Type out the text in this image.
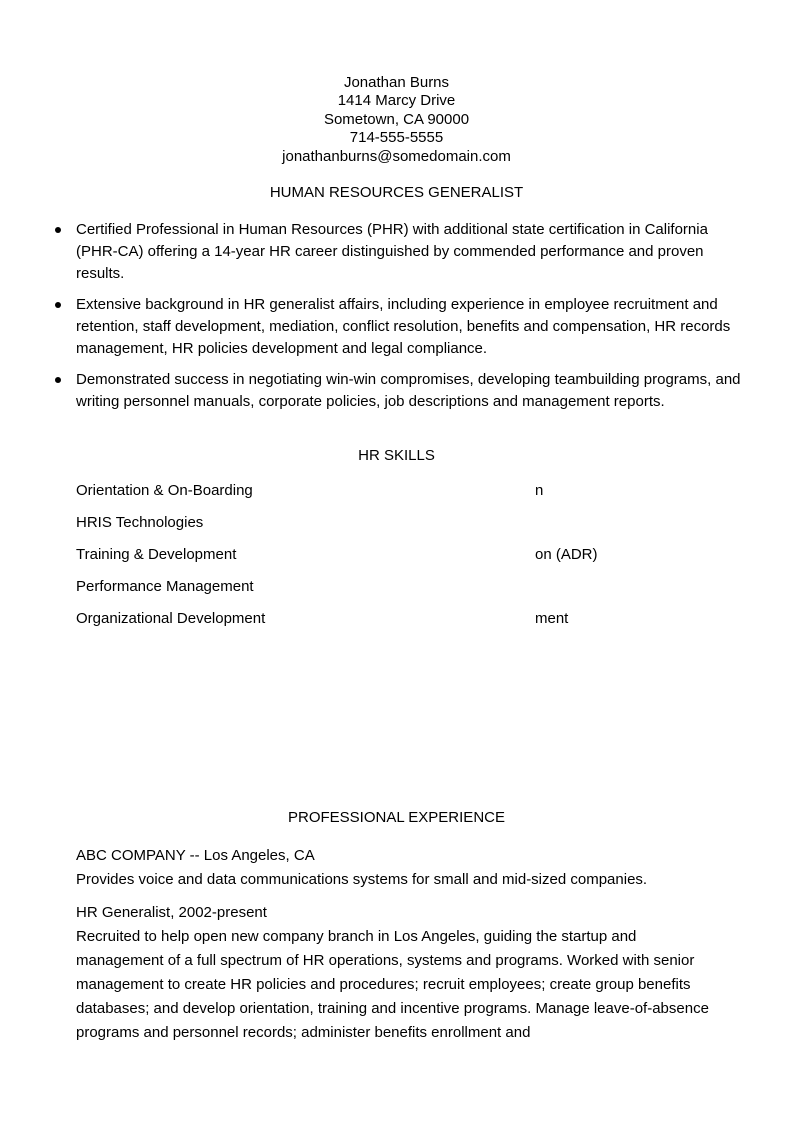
Jonathan Burns
1414 Marcy Drive
Sometown, CA 90000
714-555-5555
jonathanburns@somedomain.com
HUMAN RESOURCES GENERALIST
Certified Professional in Human Resources (PHR) with additional state certification in California (PHR-CA) offering a 14-year HR career distinguished by commended performance and proven results.
Extensive background in HR generalist affairs, including experience in employee recruitment and retention, staff development, mediation, conflict resolution, benefits and compensation, HR records management, HR policies development and legal compliance.
Demonstrated success in negotiating win-win compromises, developing teambuilding programs, and writing personnel manuals, corporate policies, job descriptions and management reports.
HR SKILLS
Orientation & On-Boarding
HRIS Technologies
Training & Development
Performance Management
Organizational Development
n
on (ADR)
ment
PROFESSIONAL EXPERIENCE
ABC COMPANY -- Los Angeles, CA
Provides voice and data communications systems for small and mid-sized companies.
HR Generalist, 2002-present
Recruited to help open new company branch in Los Angeles, guiding the startup and management of a full spectrum of HR operations, systems and programs. Worked with senior management to create HR policies and procedures; recruit employees; create group benefits databases; and develop orientation, training and incentive programs. Manage leave-of-absence programs and personnel records; administer benefits enrollment and
